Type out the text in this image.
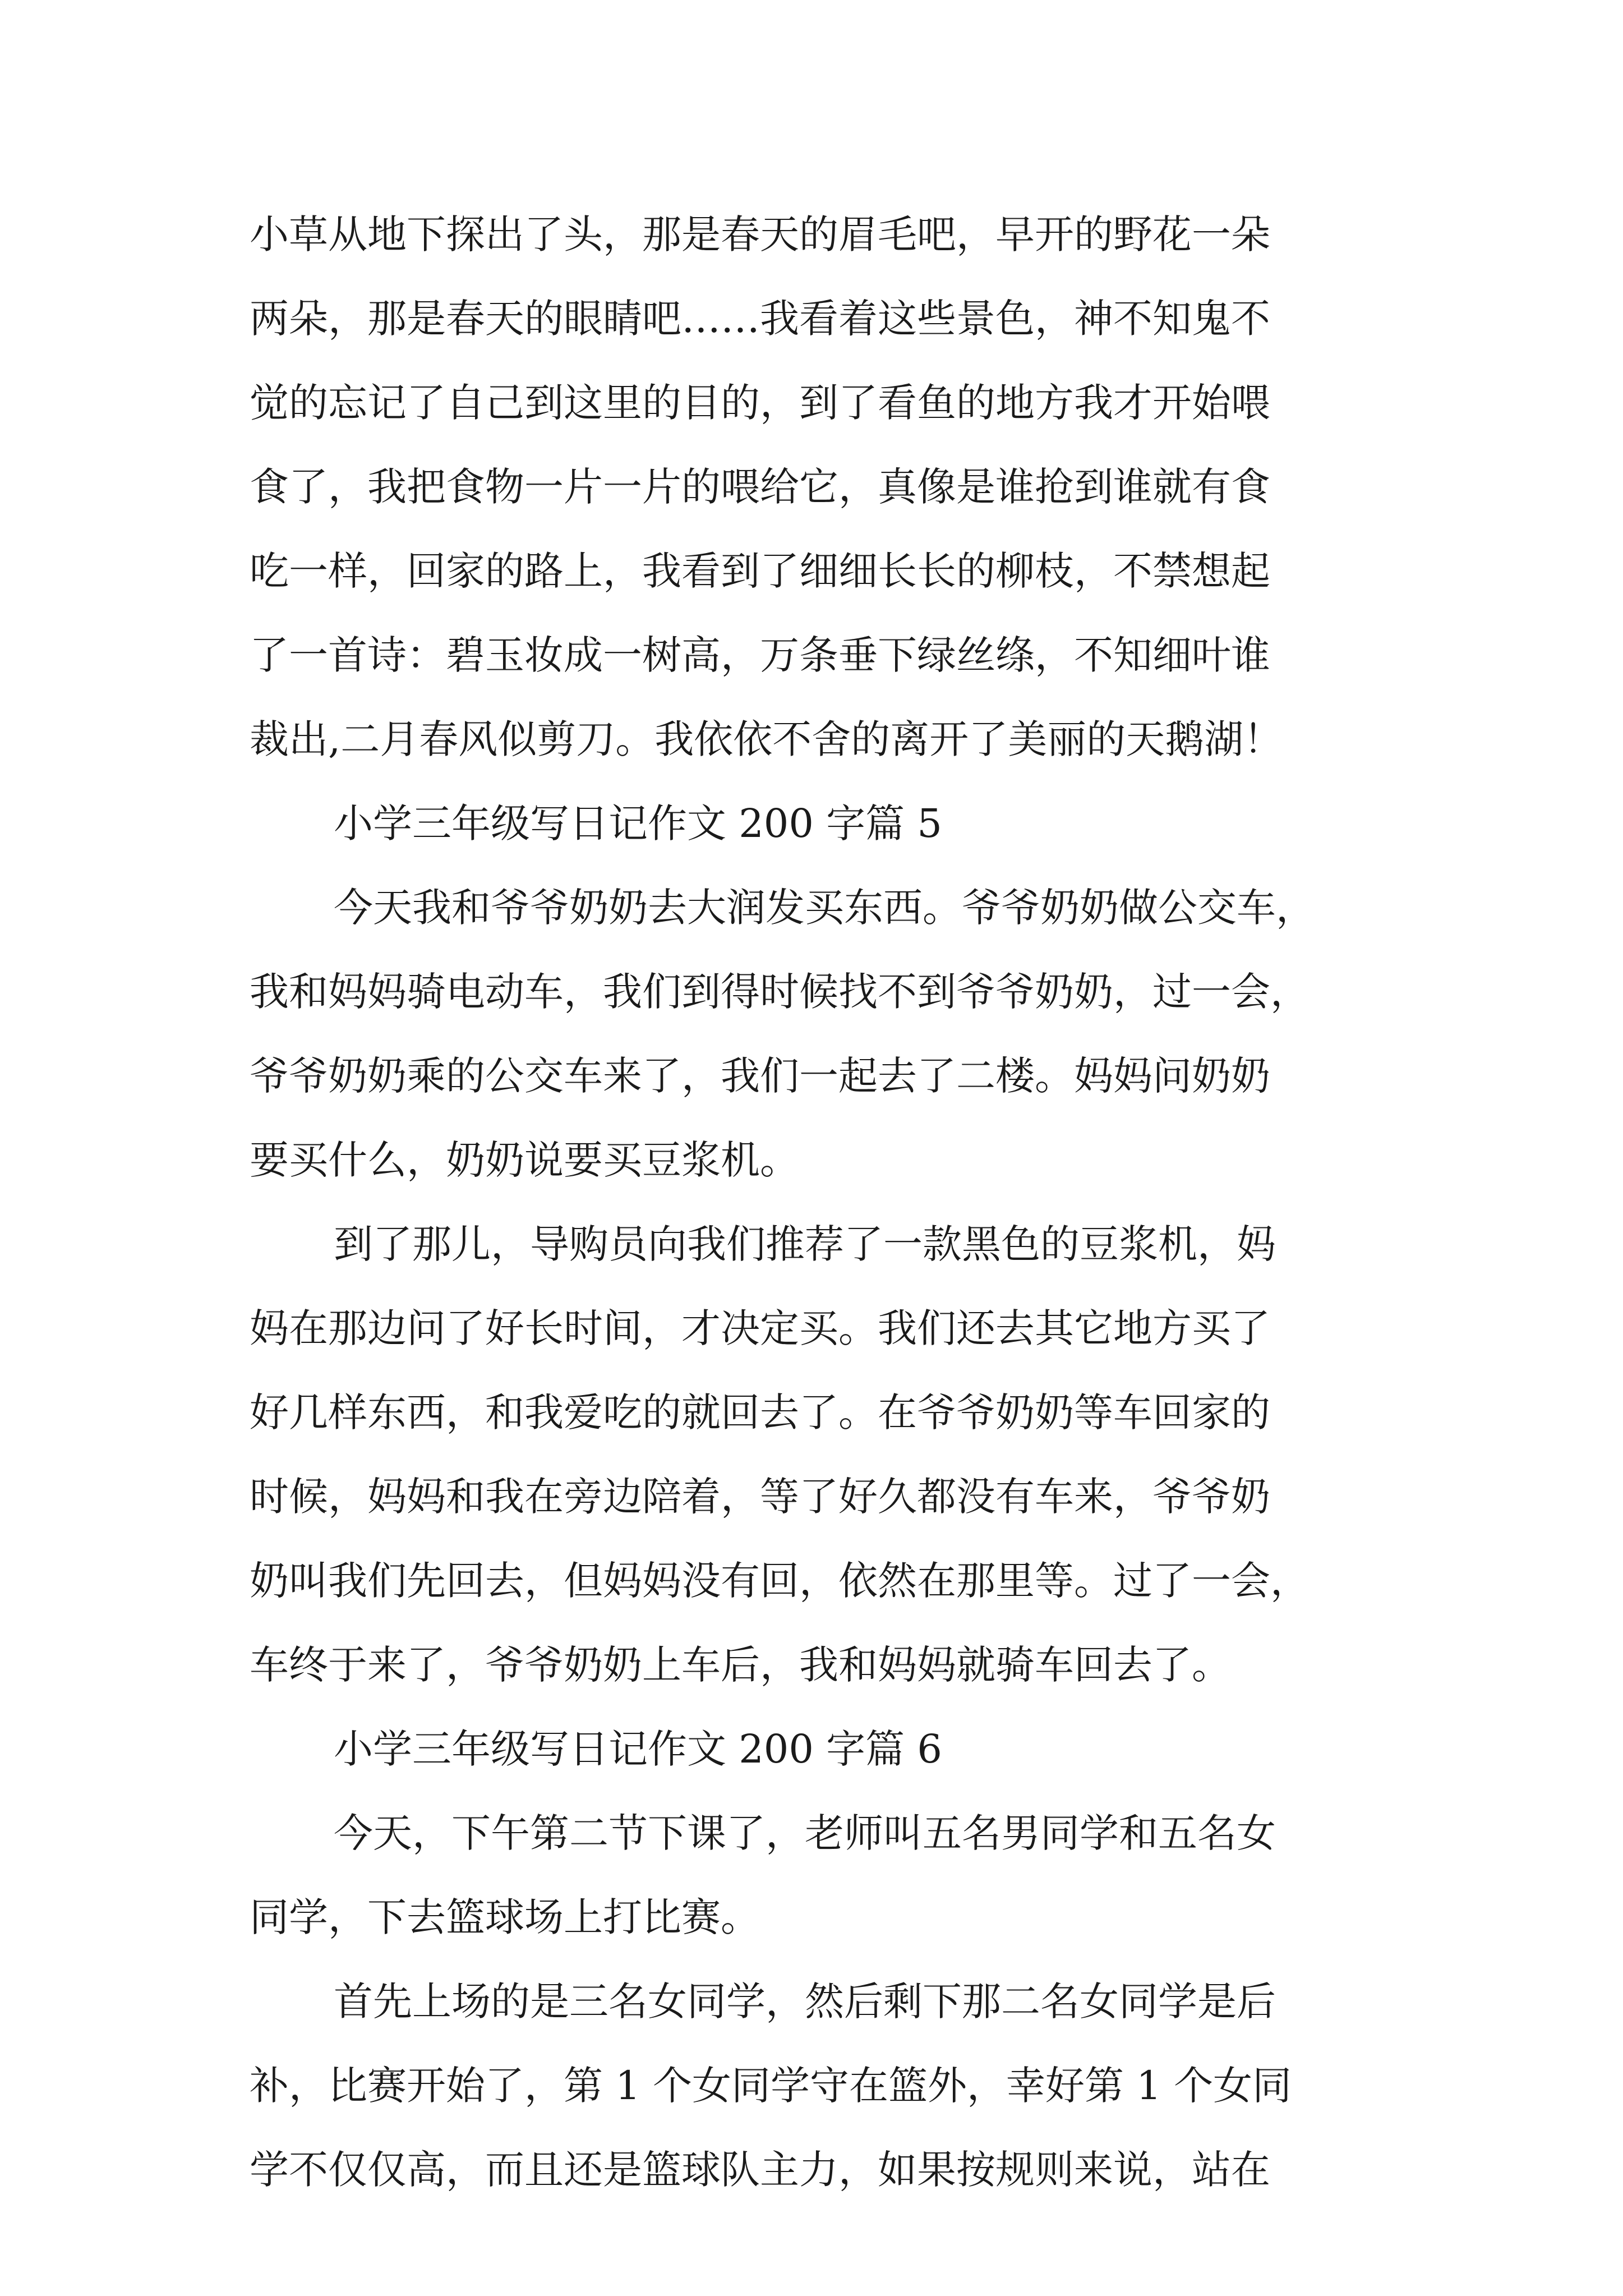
小草从地下探出了头，那是春天的眉毛吧，早开的野花一朵
两朵，那是春天的眼睛吧……我看着这些景色，神不知鬼不
觉的忘记了自己到这里的目的，到了看鱼的地方我才开始喂
食了，我把食物一片一片的喂给它，真像是谁抢到谁就有食
吃一样，回家的路上，我看到了细细长长的柳枝，不禁想起
了一首诗：碧玉妆成一树高，万条垂下绿丝绦，不知细叶谁
裁出,二月春风似剪刀。我依依不舍的离开了美丽的天鹅湖！
小学三年级写日记作文 200 字篇 5
今天我和爷爷奶奶去大润发买东西。爷爷奶奶做公交车，
我和妈妈骑电动车，我们到得时候找不到爷爷奶奶，过一会，
爷爷奶奶乘的公交车来了，我们一起去了二楼。妈妈问奶奶
要买什么，奶奶说要买豆浆机。
到了那儿，导购员向我们推荐了一款黑色的豆浆机，妈
妈在那边问了好长时间，才决定买。我们还去其它地方买了
好几样东西，和我爱吃的就回去了。在爷爷奶奶等车回家的
时候，妈妈和我在旁边陪着，等了好久都没有车来，爷爷奶
奶叫我们先回去，但妈妈没有回，依然在那里等。过了一会，
车终于来了，爷爷奶奶上车后，我和妈妈就骑车回去了。
小学三年级写日记作文 200 字篇 6
今天，下午第二节下课了，老师叫五名男同学和五名女
同学，下去篮球场上打比赛。
首先上场的是三名女同学，然后剩下那二名女同学是后
补，比赛开始了，第 1 个女同学守在篮外，幸好第 1 个女同
学不仅仅高，而且还是篮球队主力，如果按规则来说，站在
